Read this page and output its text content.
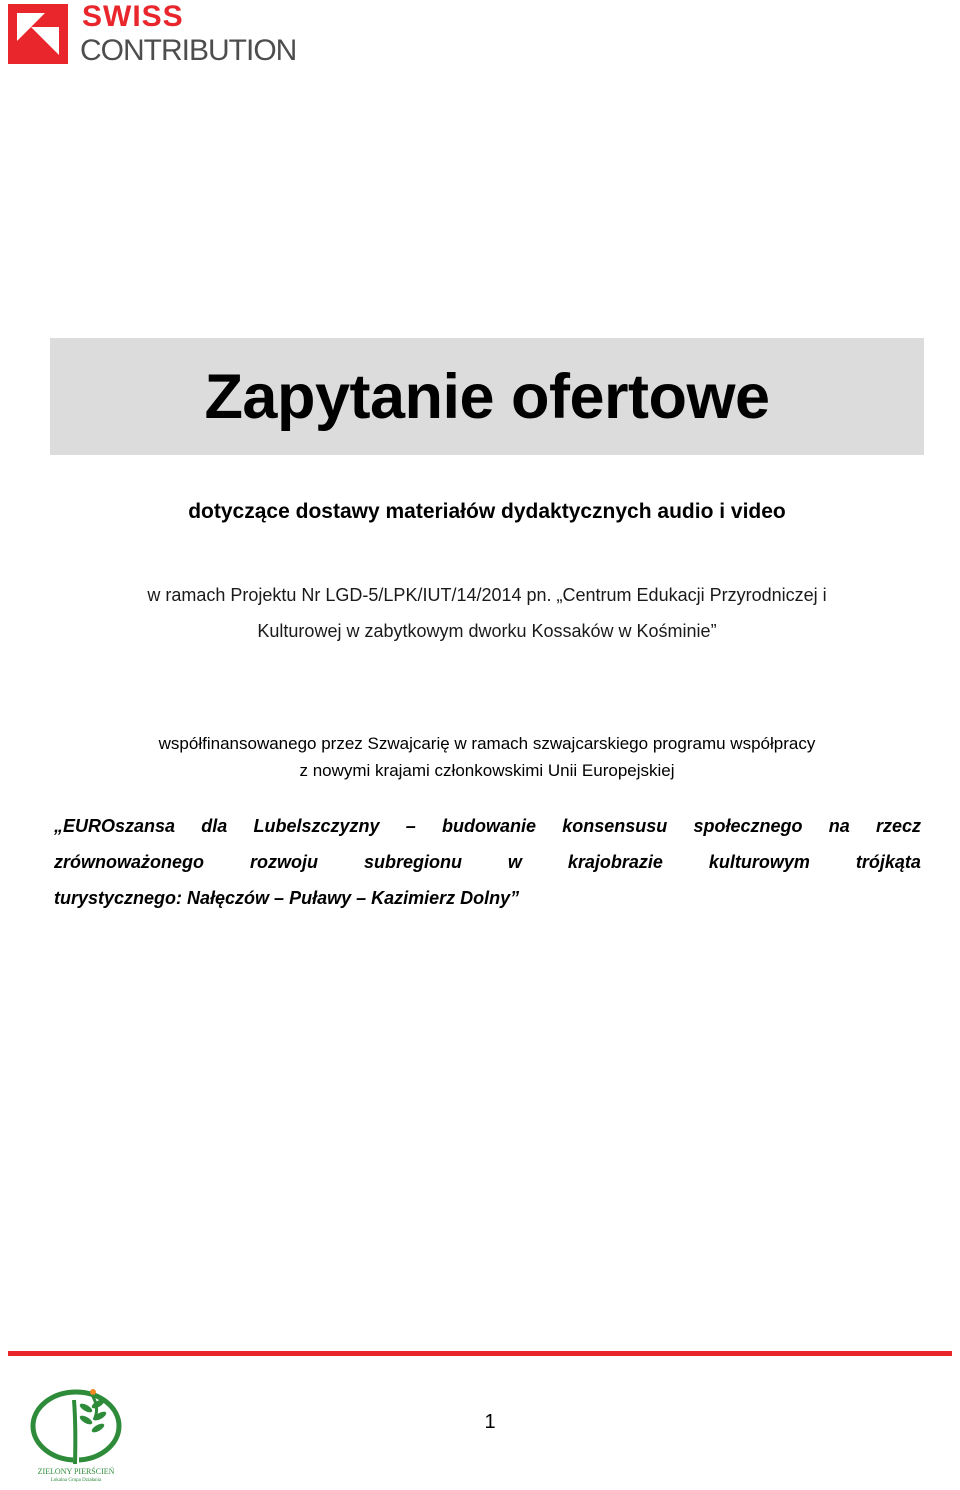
SWISS
CONTRIBUTION
Zapytanie ofertowe
dotyczące dostawy materiałów dydaktycznych audio i video
w ramach Projektu Nr LGD-5/LPK/IUT/14/2014 pn. „Centrum Edukacji Przyrodniczej i
Kulturowej w zabytkowym dworku Kossaków w Kośminie”
współfinansowanego przez Szwajcarię w ramach szwajcarskiego programu współpracy
z nowymi krajami członkowskimi Unii Europejskiej
„EUROszansa dla Lubelszczyzny – budowanie konsensusu społecznego na rzecz
zrównoważonego	rozwoju	subregionu	w	krajobrazie	kulturowym	trójkąta
turystycznego: Nałęczów – Puławy – Kazimierz Dolny”
ZIELONY PIERŚCIEŃ
Lokalna Grupa Działania
1
